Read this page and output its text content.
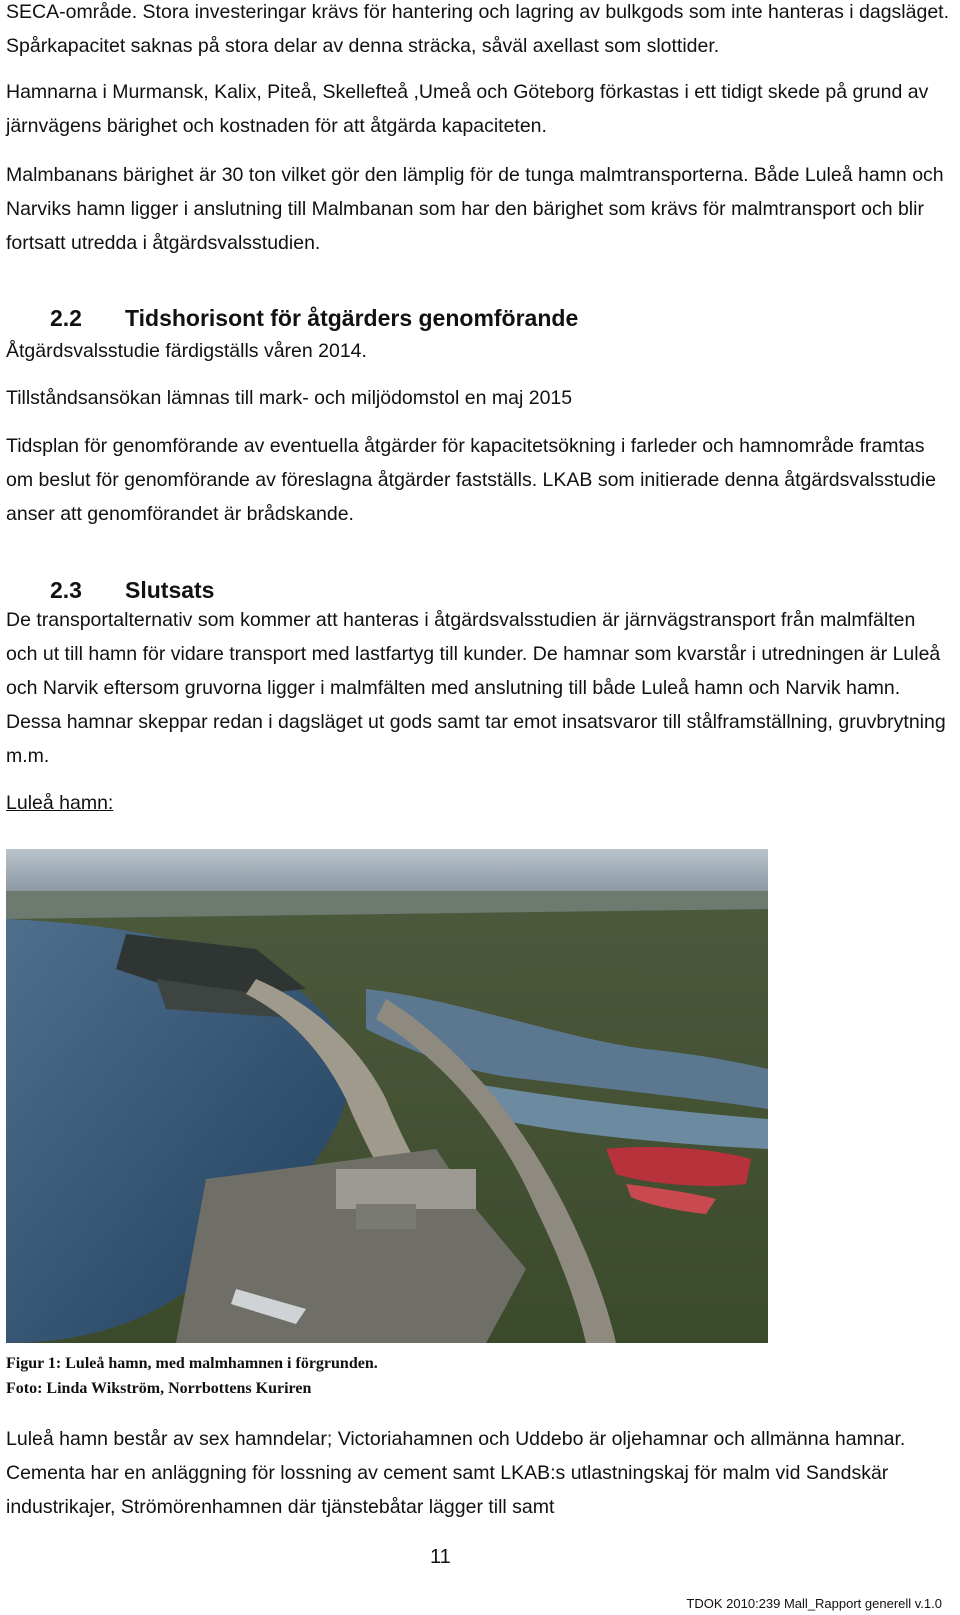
SECA-område. Stora investeringar krävs för hantering och lagring av bulkgods som inte hanteras i dagsläget. Spårkapacitet saknas på stora delar av denna sträcka, såväl axellast som slottider.

Hamnarna i Murmansk, Kalix, Piteå, Skellefteå ,Umeå och Göteborg förkastas i ett tidigt skede på grund av järnvägens bärighet och kostnaden för att åtgärda kapaciteten.

Malmbanans bärighet är 30 ton vilket gör den lämplig för de tunga malmtransporterna. Både Luleå hamn och Narviks hamn ligger i anslutning till Malmbanan som har den bärighet som krävs för malmtransport och blir fortsatt utredda i åtgärdsvalsstudien.

2.2 Tidshorisont för åtgärders genomförande

Åtgärdsvalsstudie färdigställs våren 2014.

Tillståndsansökan lämnas till mark- och miljödomstol en maj 2015

Tidsplan för genomförande av eventuella åtgärder för kapacitetsökning i farleder och hamnområde framtas om beslut för genomförande av föreslagna åtgärder fastställs. LKAB som initierade denna åtgärdsvalsstudie anser att genomförandet är brådskande.

2.3 Slutsats

De transportalternativ som kommer att hanteras i åtgärdsvalsstudien är järnvägstransport från malmfälten och ut till hamn för vidare transport med lastfartyg till kunder. De hamnar som kvarstår i utredningen är Luleå och Narvik eftersom gruvorna ligger i malmfälten med anslutning till både Luleå hamn och Narvik hamn. Dessa hamnar skeppar redan i dagsläget ut gods samt tar emot insatsvaror till stålframställning, gruvbrytning m.m.

Luleå hamn:

Figur 1: Luleå hamn, med malmhamnen i förgrunden.

Foto: Linda Wikström, Norrbottens Kuriren

Luleå hamn består av sex hamndelar; Victoriahamnen och Uddebo är oljehamnar och allmänna hamnar. Cementa har en anläggning för lossning av cement samt LKAB:s utlastningskaj för malm vid Sandskär industrikajer, Strömörenhamnen där tjänstebåtar lägger till samt

11
TDOK 2010:239 Mall_Rapport generell v.1.0
